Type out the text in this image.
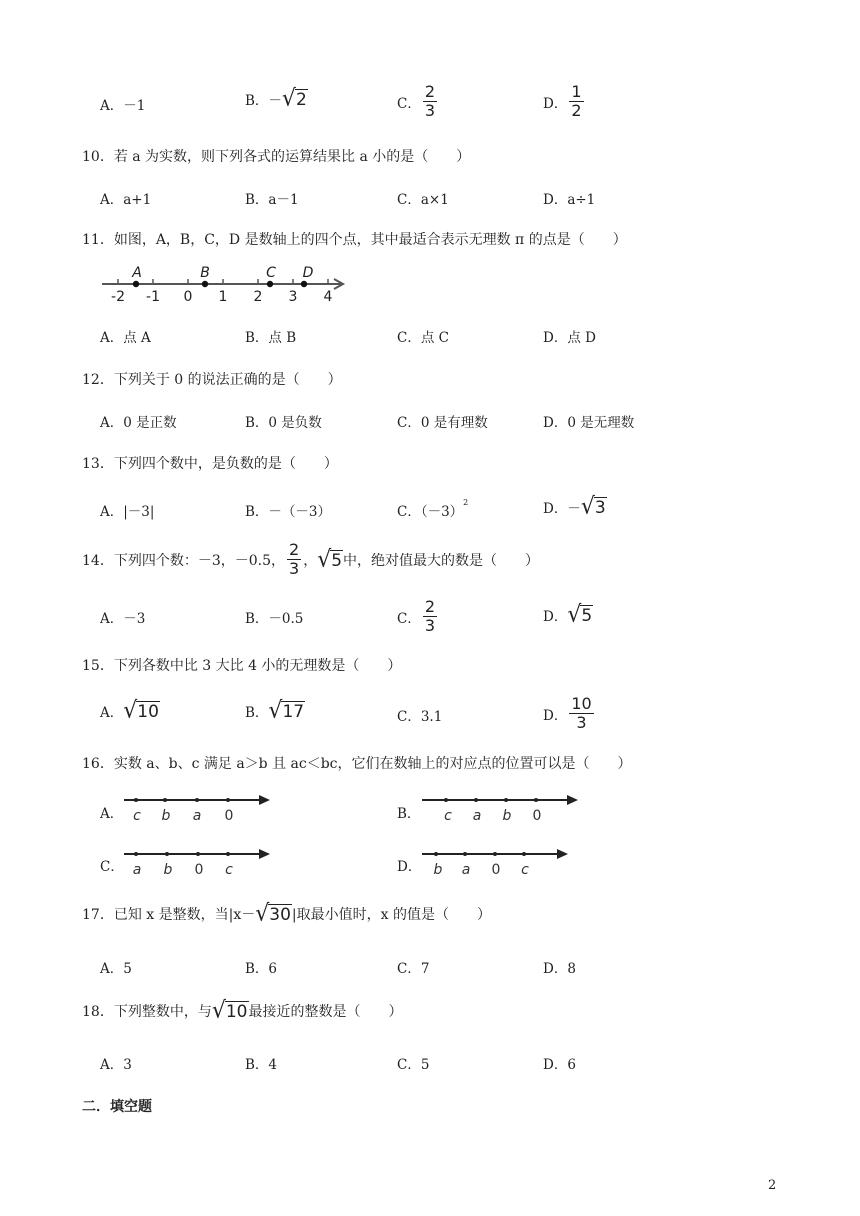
A．－1	B．－ √ 2	C． $\frac{2}{3}$	D． $\frac{1}{2}$
10．若 a 为实数，则下列各式的运算结果比 a 小的是（　　）
A．a+1	B．a－1	C．a×1	D．a÷1
11．如图，A，B，C，D 是数轴上的四个点，其中最适合表示无理数 π 的点是（　　）
-2 -1 0 1 2 3 4
A	B	C D
A．点 A	B．点 B	C．点 C	D．点 D
12．下列关于 0 的说法正确的是（　　）
A．0 是正数	B．0 是负数	C．0 是有理数	D．0 是无理数
13．下列四个数中，是负数的是（　　）
A．|－3|	B．－（－3）	C．（－3）
$^2$	D．－ √ 3
14．下列四个数：－3，－0.5， $\frac{2}{3}$ ， √ 5 中，绝对值最大的数是（　　）
A．－3	B．－0.5	C． $\frac{2}{3}$	D． √ 5
15．下列各数中比 3 大比 4 小的无理数是（　　）
A． √ 10	B． √ 17	C．3.1	D． $\frac{10}{3}$
16．实数 a、b、c 满足 a＞b 且 ac＜bc，它们在数轴上的对应点的位置可以是（　　）
A． c b a 0	B． c a b 0
C． a b 0 c	D． b a 0 c
17．已知 x 是整数，当|x－ √ 30 |取最小值时，x 的值是（　　）
A．5	B．6	C．7	D．8
18．下列整数中，与 √ 10 最接近的整数是（　　）
A．3	B．4	C．5	D．6
二．填空题
2
